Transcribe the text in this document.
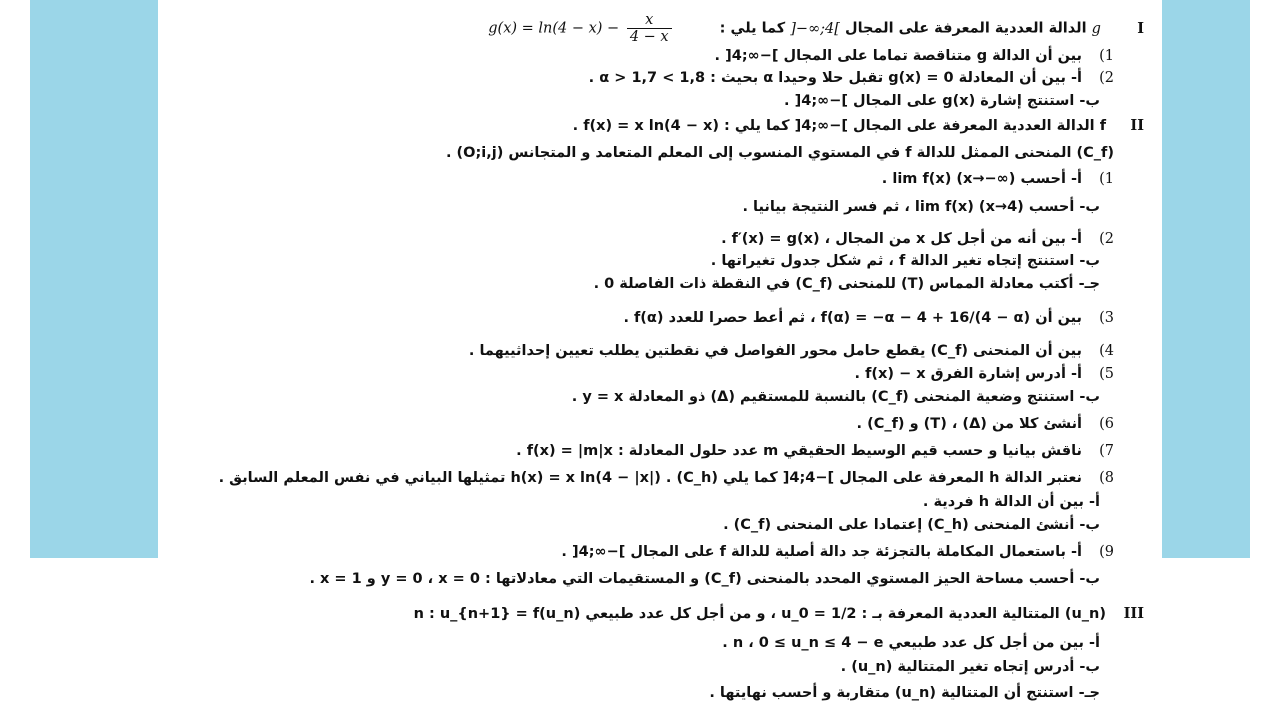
I g الدالة العددية المعرفة على المجال ]−∞;4[ كما يلي : $g(x) = \ln(4 - x) - \frac{x}{4 - x}$
1)بين أن الدالة g متناقصة تماما على المجال ]−∞;4[ .
2)أ- بين أن المعادلة g(x) = 0 تقبل حلا وحيدا α بحيث : 1,8 > α > 1,7 .
ب- استنتج إشارة g(x) على المجال ]−∞;4[ .
IIf الدالة العددية المعرفة على المجال ]−∞;4[ كما يلي : f(x) = x ln(4 − x) .
(C_f) المنحنى الممثل للدالة f في المستوي المنسوب إلى المعلم المتعامد و المتجانس (O;i,j) .
1)أ- أحسب lim f(x) (x→−∞) .
ب- أحسب lim f(x) (x→4) ، ثم فسر النتيجة بيانيا .
2)أ- بين أنه من أجل كل x من المجال ، f′(x) = g(x) .
ب- استنتج إتجاه تغير الدالة f ، ثم شكل جدول تغيراتها .
جـ- أكتب معادلة المماس (T) للمنحنى (C_f) في النقطة ذات الفاصلة 0 .
3)بين أن f(α) = −α − 4 + 16/(4 − α) ، ثم أعط حصرا للعدد f(α) .
4)بين أن المنحنى (C_f) يقطع حامل محور الفواصل في نقطتين يطلب تعيين إحداثييهما .
5)أ- أدرس إشارة الفرق f(x) − x .
ب- استنتج وضعية المنحنى (C_f) بالنسبة للمستقيم (Δ) ذو المعادلة y = x .
6)أنشئ كلا من (Δ) ، (T) و (C_f) .
7)ناقش بيانيا و حسب قيم الوسيط الحقيقي m عدد حلول المعادلة : f(x) = |m|x .
8)نعتبر الدالة h المعرفة على المجال ]−4;4[ كما يلي h(x) = x ln(4 − |x|) . (C_h) تمثيلها البياني في نفس المعلم السابق .
أ- بين أن الدالة h فردية .
ب- أنشئ المنحنى (C_h) إعتمادا على المنحنى (C_f) .
9)أ- باستعمال المكاملة بالتجزئة جد دالة أصلية للدالة f على المجال ]−∞;4[ .
ب- أحسب مساحة الحيز المستوي المحدد بالمنحنى (C_f) و المستقيمات التي معادلاتها : y = 0 ، x = 0 و x = 1 .
III(u_n) المتتالية العددية المعرفة بـ : u_0 = 1/2 ، و من أجل كل عدد طبيعي n : u_{n+1} = f(u_n)
أ- بين من أجل كل عدد طبيعي n ، 0 ≤ u_n ≤ 4 − e .
ب- أدرس إتجاه تغير المتتالية (u_n) .
جـ- استنتج أن المتتالية (u_n) متقاربة و أحسب نهايتها .
